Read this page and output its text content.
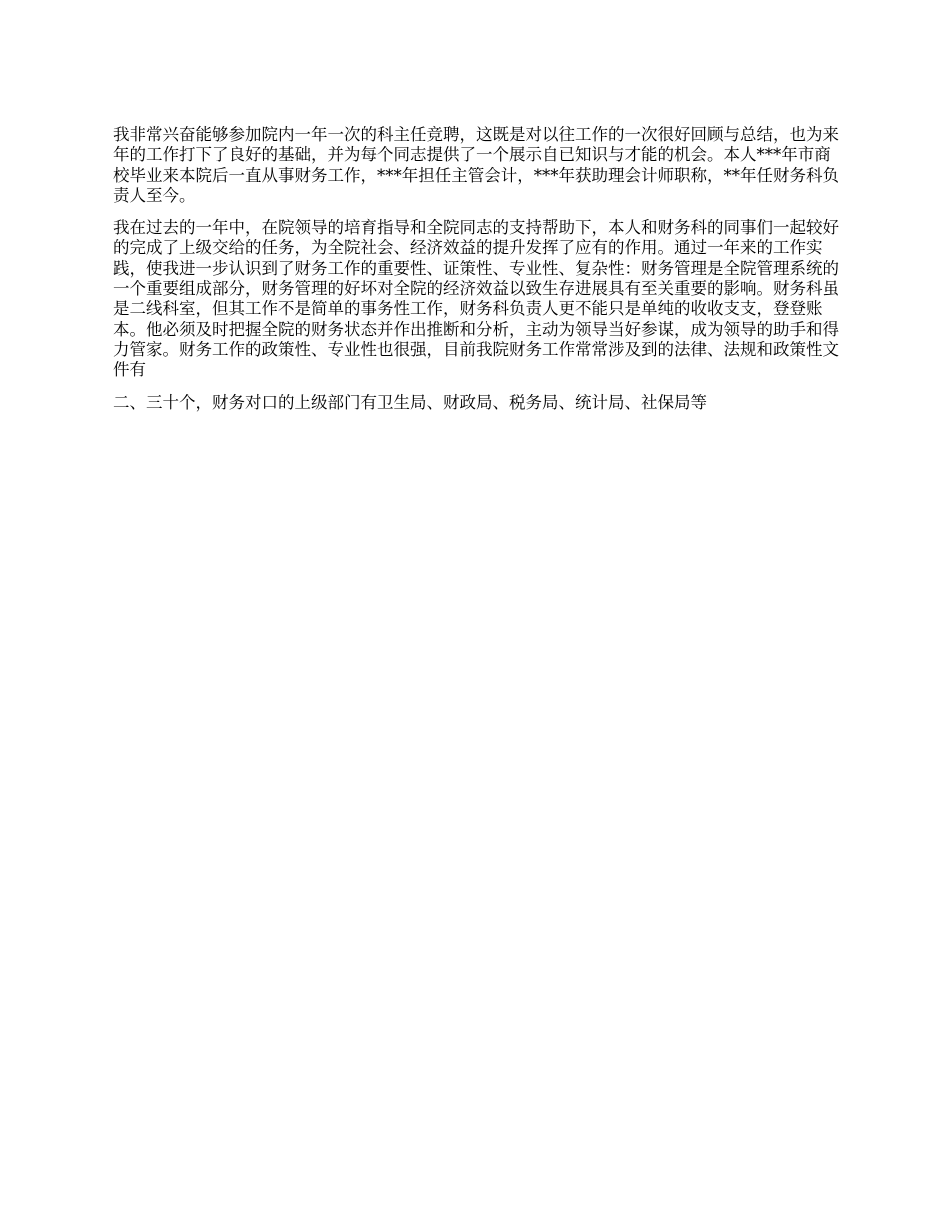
我非常兴奋能够参加院内一年一次的科主任竞聘，这既是对以往工作的一次很好回顾与总结，也为来年的工作打下了良好的基础，并为每个同志提供了一个展示自已知识与才能的机会。本人***年市商校毕业来本院后一直从事财务工作，***年担任主管会计，***年获助理会计师职称，**年任财务科负责人至今。

我在过去的一年中，在院领导的培育指导和全院同志的支持帮助下，本人和财务科的同事们一起较好的完成了上级交给的任务，为全院社会、经济效益的提升发挥了应有的作用。通过一年来的工作实践，使我进一步认识到了财务工作的重要性、证策性、专业性、复杂性：财务管理是全院管理系统的一个重要组成部分，财务管理的好坏对全院的经济效益以致生存进展具有至关重要的影响。财务科虽是二线科室，但其工作不是简单的事务性工作，财务科负责人更不能只是单纯的收收支支，登登账本。他必须及时把握全院的财务状态并作出推断和分析，主动为领导当好参谋，成为领导的助手和得力管家。财务工作的政策性、专业性也很强，目前我院财务工作常常涉及到的法律、法规和政策性文件有

二、三十个，财务对口的上级部门有卫生局、财政局、税务局、统计局、社保局等
